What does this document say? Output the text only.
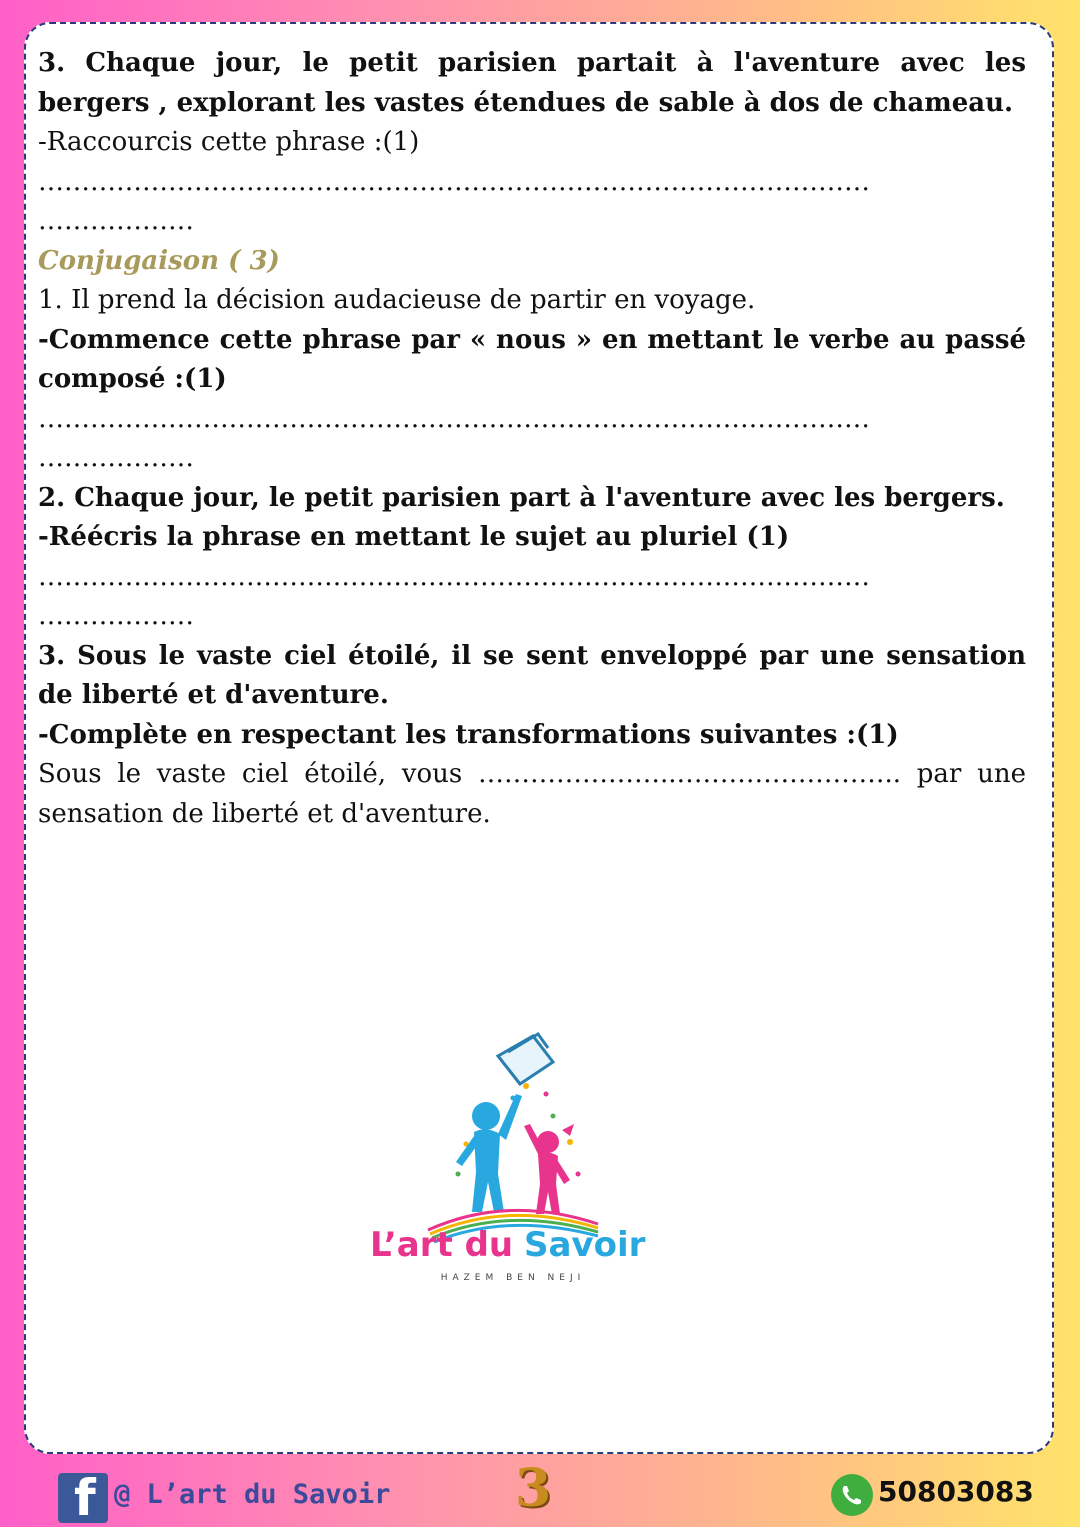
3. Chaque jour, le petit parisien partait à l'aventure avec les bergers , explorant les vastes étendues de sable à dos de chameau.

-Raccourcis cette phrase :(1)

……………………………………………………………………………………

………………

Conjugaison ( 3)

1. Il prend la décision audacieuse de partir en voyage.

-Commence cette phrase par « nous » en mettant le verbe au passé composé :(1)

……………………………………………………………………………………

………………

2. Chaque jour, le petit parisien part à l'aventure avec les bergers.

-Réécris la phrase en mettant le sujet au pluriel (1)

……………………………………………………………………………………

………………

3. Sous le vaste ciel étoilé, il se sent enveloppé par une sensation de liberté et d'aventure.

-Complète en respectant les transformations suivantes :(1)

Sous le vaste ciel étoilé, vous …………………..…………………….. par une sensation de liberté et d'aventure.

L’art du Savoir
HAZEM BEN NEJI
f @ L’art du Savoir 3	50803083
